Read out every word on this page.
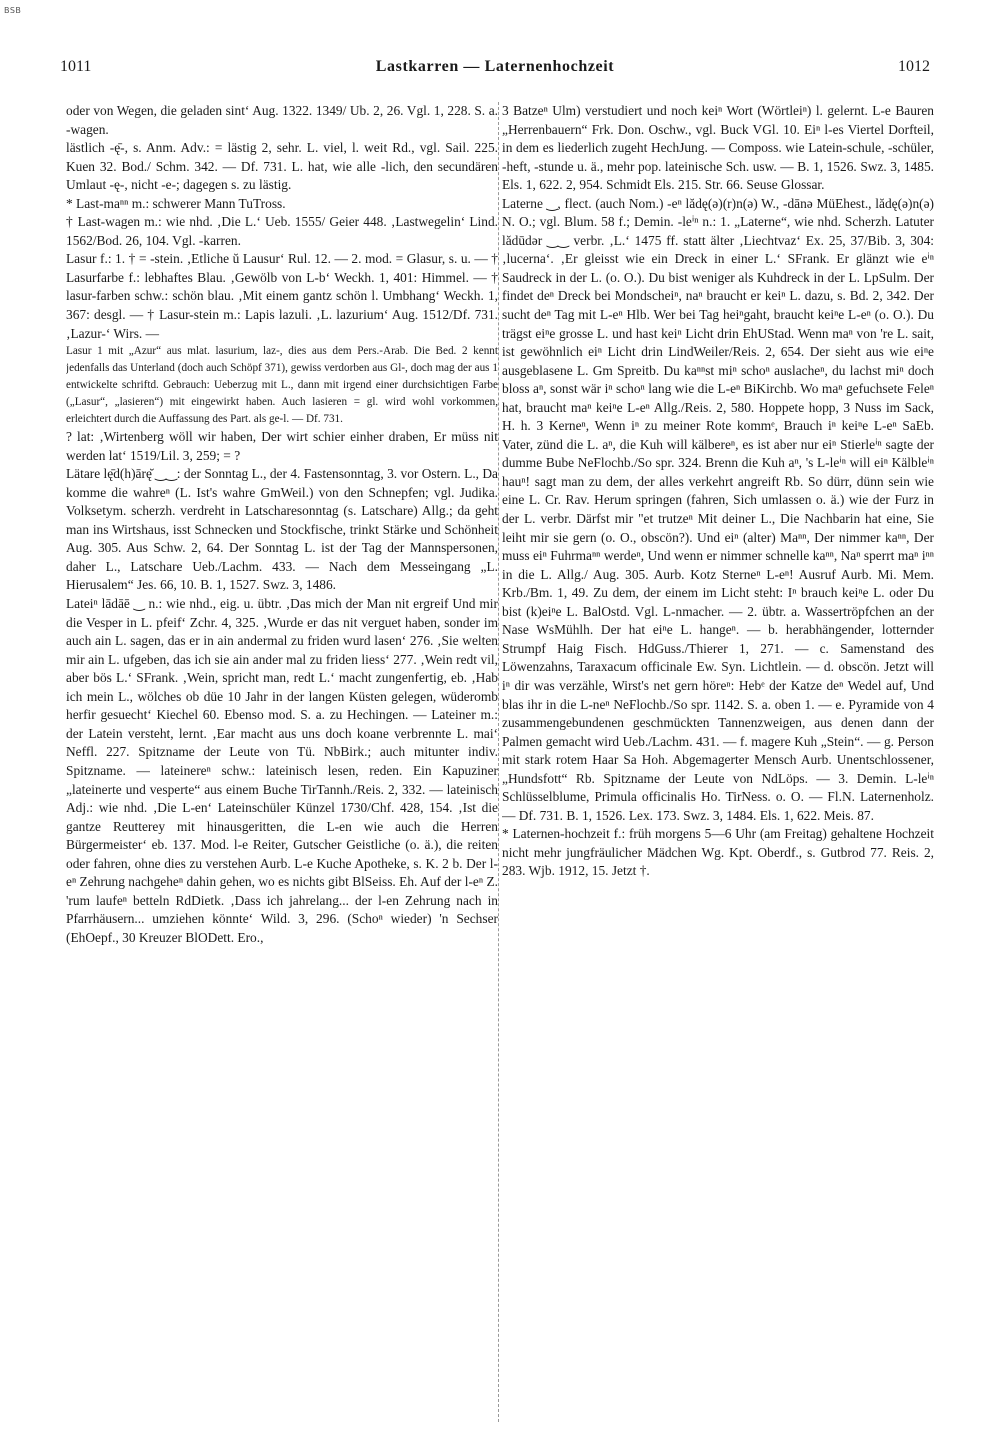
BSB
1011	Lastkarren — Laternenhochzeit	1012

oder von Wegen, die geladen sint‘ Aug. 1322. 1349/ Ub. 2, 26. Vgl. 1, 228. S. a. -wagen.

lästlich -ę̄-, s. Anm. Adv.: = lästig 2, sehr. L. viel, l. weit Rd., vgl. Sail. 225. Kuen 32. Bod./ Schm. 342. — Df. 731. L. hat, wie alle -lich, den secundären Umlaut -ę-, nicht -e-; dagegen s. zu lästig.

* Last-maⁿⁿ m.: schwerer Mann TuTross.

† Last-wagen m.: wie nhd. ‚Die L.‘ Ueb. 1555/ Geier 448. ‚Lastwegelin‘ Lind. 1562/Bod. 26, 104. Vgl. -karren.

Lasur f.: 1. † = -stein. ‚Etliche ŭ Lausur‘ Rul. 12. — 2. mod. = Glasur, s. u. — † Lasurfarbe f.: lebhaftes Blau. ‚Gewölb von L-b‘ Weckh. 1, 401: Himmel. — † lasur-farben schw.: schön blau. ‚Mit einem gantz schön l. Umbhang‘ Weckh. 1, 367: desgl. — † Lasur-stein m.: Lapis lazuli. ‚L. lazurium‘ Aug. 1512/Df. 731. ‚Lazur-‘ Wirs. —

Lasur 1 mit „Azur“ aus mlat. lasurium, laz-, dies aus dem Pers.-Arab. Die Bed. 2 kennt jedenfalls das Unterland (doch auch Schöpf 371), gewiss verdorben aus Gl-, doch mag der aus 1 entwickelte schriftd. Gebrauch: Ueberzug mit L., dann mit irgend einer durchsichtigen Farbe („Lasur“, „lasieren“) mit eingewirkt haben. Auch lasieren = gl. wird wohl vorkommen, erleichtert durch die Auffassung des Part. als ge-l. — Df. 731.

? lat: ‚Wirtenberg wöll wir haben, Der wirt schier einher draben, Er müss nit werden lat‘ 1519/Lil. 3, 259; = ?

Lätare lę̄d(h)ārę̆ ‿‿: der Sonntag L., der 4. Fastensonntag, 3. vor Ostern. L., Da komme die wahreⁿ (L. Ist's wahre GmWeil.) von den Schnepfen; vgl. Judika. Volksetym. scherzh. verdreht in Latscharesonntag (s. Latschare) Allg.; da geht man ins Wirtshaus, isst Schnecken und Stockfische, trinkt Stärke und Schönheit Aug. 305. Aus Schw. 2, 64. Der Sonntag L. ist der Tag der Mannspersonen, daher L., Latschare Ueb./Lachm. 433. — Nach dem Messeingang „L. Hierusalem“ Jes. 66, 10. B. 1, 1527. Swz. 3, 1486.

Lateiⁿ lādāē ‿ n.: wie nhd., eig. u. übtr. ‚Das mich der Man nit ergreif Und mir die Vesper in L. pfeif‘ Zchr. 4, 325. ‚Wurde er das nit verguet haben, sonder im auch ain L. sagen, das er in ain andermal zu friden wurd lasen‘ 276. ‚Sie welten mir ain L. ufgeben, das ich sie ain ander mal zu friden liess‘ 277. ‚Wein redt vil, aber bös L.‘ SFrank. ‚Wein, spricht man, redt L.‘ macht zungenfertig, eb. ‚Hab ich mein L., wölches ob düe 10 Jahr in der langen Küsten gelegen, wüderomb herfir gesuecht‘ Kiechel 60. Ebenso mod. S. a. zu Hechingen. — Lateiner m.: der Latein versteht, lernt. ‚Ear macht aus uns doch koane verbrennte L. mai‘ Neffl. 227. Spitzname der Leute von Tü. NbBirk.; auch mitunter indiv. Spitzname. — lateinereⁿ schw.: lateinisch lesen, reden. Ein Kapuziner „lateinerte und vesperte“ aus einem Buche TirTannh./Reis. 2, 332. — lateinisch Adj.: wie nhd. ‚Die L-en‘ Lateinschüler Künzel 1730/Chf. 428, 154. ‚Ist die gantze Reutterey mit hinausgeritten, die L-en wie auch die Herren Bürgermeister‘ eb. 137. Mod. l-e Reiter, Gutscher Geistliche (o. ä.), die reiten oder fahren, ohne dies zu verstehen Aurb. L-e Kuche Apotheke, s. K. 2 b. Der l-eⁿ Zehrung nachgeheⁿ dahin gehen, wo es nichts gibt BlSeiss. Eh. Auf der l-eⁿ Z. 'rum laufeⁿ betteln RdDietk. ‚Dass ich jahrelang... der l-en Zehrung nach in Pfarrhäusern... umziehen könnte‘ Wild. 3, 296. (Schoⁿ wieder) 'n Sechser (EhOepf., 30 Kreuzer BlODett. Ero.,

3 Batzeⁿ Ulm) verstudiert und noch keiⁿ Wort (Wörtleiⁿ) l. gelernt. L-e Bauren „Herrenbauern“ Frk. Don. Oschw., vgl. Buck VGl. 10. Eiⁿ l-es Viertel Dorfteil, in dem es liederlich zugeht HechJung. — Composs. wie Latein-schule, -schüler, -heft, -stunde u. ä., mehr pop. lateinische Sch. usw. — B. 1, 1526. Swz. 3, 1485. Els. 1, 622. 2, 954. Schmidt Els. 215. Str. 66. Seuse Glossar.

Laterne ‿, flect. (auch Nom.) -eⁿ lădę(ə)(r)n(ə) W., -dānə MüEhest., lădę(ə)n(ə) N. O.; vgl. Blum. 58 f.; Demin. -leⁱⁿ n.: 1. „Laterne“, wie nhd. Scherzh. Latuter lădūdər ‿‿ verbr. ‚L.‘ 1475 ff. statt älter ‚Liechtvaz‘ Ex. 25, 37/Bib. 3, 304: ‚lucerna‘. ‚Er gleisst wie ein Dreck in einer L.‘ SFrank. Er glänzt wie eⁱⁿ Saudreck in der L. (o. O.). Du bist weniger als Kuhdreck in der L. LpSulm. Der findet deⁿ Dreck bei Mondscheiⁿ, naⁿ braucht er keiⁿ L. dazu, s. Bd. 2, 342. Der sucht deⁿ Tag mit L-eⁿ Hlb. Wer bei Tag heiⁿgaht, braucht keiⁿe L-eⁿ (o. O.). Du trägst eiⁿe grosse L. und hast keiⁿ Licht drin EhUStad. Wenn maⁿ von 're L. sait, ist gewöhnlich eiⁿ Licht drin LindWeiler/Reis. 2, 654. Der sieht aus wie eiⁿe ausgeblasene L. Gm Spreitb. Du kaⁿⁿst miⁿ schoⁿ auslacheⁿ, du lachst miⁿ doch bloss aⁿ, sonst wär iⁿ schoⁿ lang wie die L-eⁿ BiKirchb. Wo maⁿ gefuchsete Feleⁿ hat, braucht maⁿ keiⁿe L-eⁿ Allg./Reis. 2, 580. Hoppete hopp, 3 Nuss im Sack, H. h. 3 Kerneⁿ, Wenn iⁿ zu meiner Rote kommᵉ, Brauch iⁿ keiⁿe L-eⁿ SaEb. Vater, zünd die L. aⁿ, die Kuh will kälbereⁿ, es ist aber nur eiⁿ Stierleⁱⁿ sagte der dumme Bube NeFlochb./So spr. 324. Brenn die Kuh aⁿ, 's L-leⁱⁿ will eiⁿ Kälbleⁱⁿ hauⁿ! sagt man zu dem, der alles verkehrt angreift Rb. So dürr, dünn sein wie eine L. Cr. Rav. Herum springen (fahren, Sich umlassen o. ä.) wie der Furz in der L. verbr. Därfst mir "et trutzeⁿ Mit deiner L., Die Nachbarin hat eine, Sie leiht mir sie gern (o. O., obscön?). Und eiⁿ (alter) Maⁿⁿ, Der nimmer kaⁿⁿ, Der muss eiⁿ Fuhrmaⁿⁿ werdeⁿ, Und wenn er nimmer schnelle kaⁿⁿ, Naⁿ sperrt maⁿ iⁿⁿ in die L. Allg./ Aug. 305. Aurb. Kotz Sterneⁿ L-eⁿ! Ausruf Aurb. Mi. Mem. Krb./Bm. 1, 49. Zu dem, der einem im Licht steht: Iⁿ brauch keiⁿe L. oder Du bist (k)eiⁿe L. BalOstd. Vgl. L-nmacher. — 2. übtr. a. Wassertröpfchen an der Nase WsMühlh. Der hat eiⁿe L. hangeⁿ. — b. herabhängender, lotternder Strumpf Haig Fisch. HdGuss./Thierer 1, 271. — c. Samenstand des Löwenzahns, Taraxacum officinale Ew. Syn. Lichtlein. — d. obscön. Jetzt will iⁿ dir was verzähle, Wirst's net gern höreⁿ: Hebᵉ der Katze deⁿ Wedel auf, Und blas ihr in die L-neⁿ NeFlochb./So spr. 1142. S. a. oben 1. — e. Pyramide von 4 zusammengebundenen geschmückten Tannenzweigen, aus denen dann der Palmen gemacht wird Ueb./Lachm. 431. — f. magere Kuh „Stein“. — g. Person mit stark rotem Haar Sa Hoh. Abgemagerter Mensch Aurb. Unentschlossener, „Hundsfott“ Rb. Spitzname der Leute von NdLöps. — 3. Demin. L-leⁱⁿ Schlüsselblume, Primula officinalis Ho. TirNess. o. O. — Fl.N. Laternenholz. — Df. 731. B. 1, 1526. Lex. 173. Swz. 3, 1484. Els. 1, 622. Meis. 87.

* Laternen-hochzeit f.: früh morgens 5—6 Uhr (am Freitag) gehaltene Hochzeit nicht mehr jungfräulicher Mädchen Wg. Kpt. Oberdf., s. Gutbrod 77. Reis. 2, 283. Wjb. 1912, 15. Jetzt †.
